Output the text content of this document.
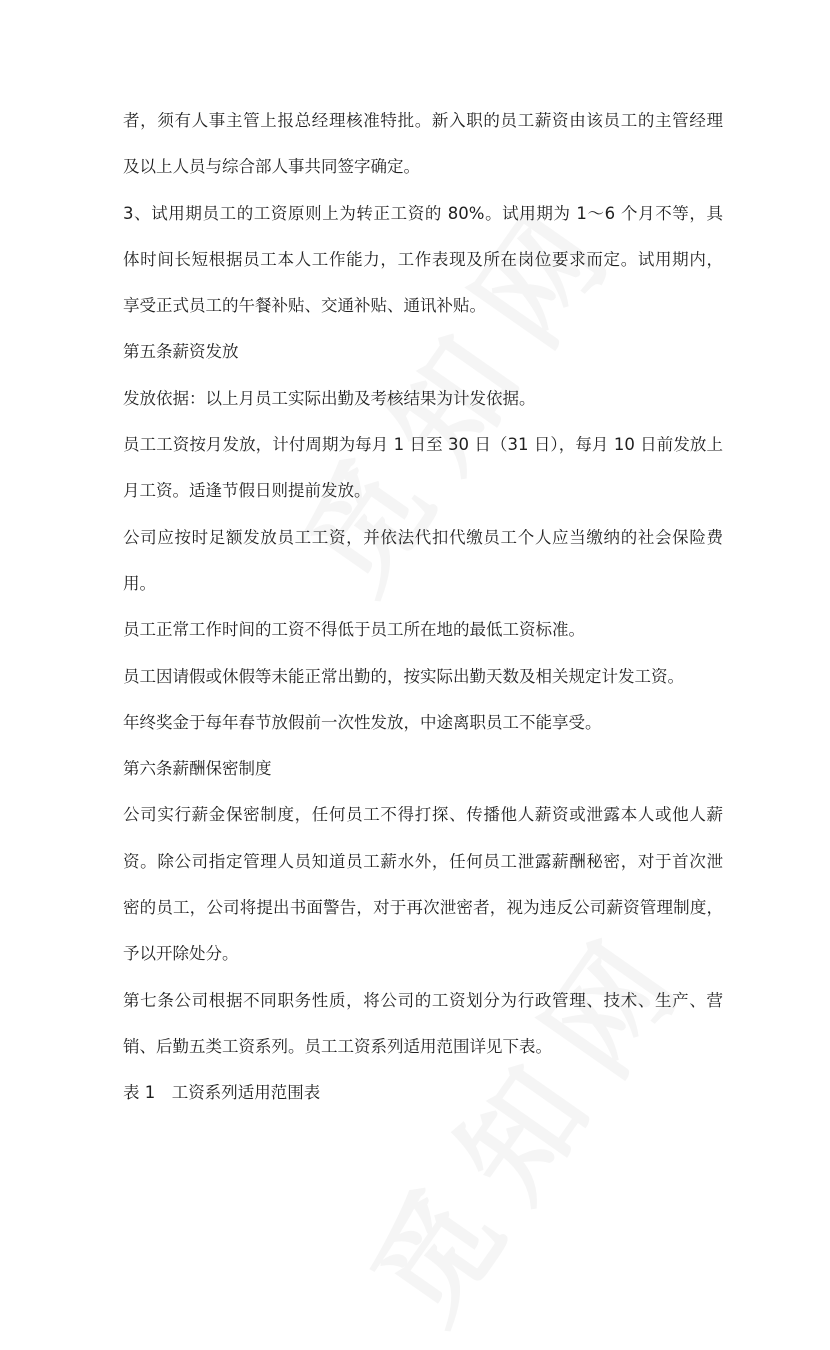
者，须有人事主管上报总经理核准特批。新入职的员工薪资由该员工的主管经理
及以上人员与综合部人事共同签字确定。
3、试用期员工的工资原则上为转正工资的 80%。试用期为 1～6 个月不等，具
体时间长短根据员工本人工作能力，工作表现及所在岗位要求而定。试用期内，
享受正式员工的午餐补贴、交通补贴、通讯补贴。
第五条薪资发放
发放依据：以上月员工实际出勤及考核结果为计发依据。
员工工资按月发放，计付周期为每月 1 日至 30 日（31 日），每月 10 日前发放上
月工资。适逢节假日则提前发放。
公司应按时足额发放员工工资，并依法代扣代缴员工个人应当缴纳的社会保险费
用。
员工正常工作时间的工资不得低于员工所在地的最低工资标准。
员工因请假或休假等未能正常出勤的，按实际出勤天数及相关规定计发工资。
年终奖金于每年春节放假前一次性发放，中途离职员工不能享受。
第六条薪酬保密制度
公司实行薪金保密制度，任何员工不得打探、传播他人薪资或泄露本人或他人薪
资。除公司指定管理人员知道员工薪水外，任何员工泄露薪酬秘密，对于首次泄
密的员工，公司将提出书面警告，对于再次泄密者，视为违反公司薪资管理制度，
予以开除处分。
第七条公司根据不同职务性质，将公司的工资划分为行政管理、技术、生产、营
销、后勤五类工资系列。员工工资系列适用范围详见下表。
表 1　工资系列适用范围表
